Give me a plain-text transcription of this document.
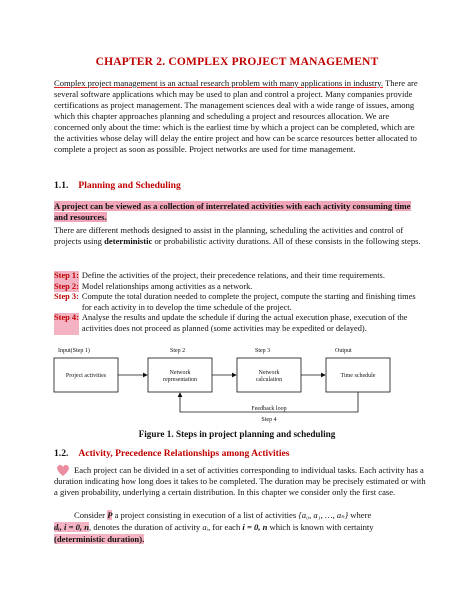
CHAPTER 2. COMPLEX PROJECT MANAGEMENT

Complex project management is an actual research problem with many applications in industry. There are several software applications which may be used to plan and control a project. Many companies provide certifications as project management. The management sciences deal with a wide range of issues, among which this chapter approaches planning and scheduling a project and resources allocation. We are concerned only about the time: which is the earliest time by which a project can be completed, which are the activities whose delay will delay the entire project and how can be scarce resources better allocated to complete a project as soon as possible. Project networks are used for time management.

1.1. Planning and Scheduling

A project can be viewed as a collection of interrelated activities with each activity consuming time and resources.

There are different methods designed to assist in the planning, scheduling the activities and control of projects using deterministic or probabilistic activity durations. All of these consists in the following steps.

Step 1: Define the activities of the project, their precedence relations, and their time requirements.
Step 2: Model relationships among activities as a network.
Step 3: Compute the total duration needed to complete the project, compute the starting and finishing times for each activity in to develop the time schedule of the project.
Step 4: Analyse the results and update the schedule if during the actual execution phase, execution of the activities does not proceed as planned (some activities may be expedited or delayed).
Input(Step 1)	Step 2	Step 3	Output
Project activities	Network representation
Network calculation
Time schedule
Feedback loop
Step 4
Figure 1. Steps in project planning and scheduling
1.2. Activity, Precedence Relationships among Activities

Each project can be divided in a set of activities corresponding to individual tasks. Each activity has a duration indicating how long does it takes to be completed. The duration may be precisely estimated or with a given probability, underlying a certain distribution. In this chapter we consider only the first case.

Consider P a project consisting in execution of a list of activities {a₀, a₁, …, aₙ} where

dᵢ, i = 0, n, denotes the duration of activity aᵢ, for each i = 0, n which is known with certainty

(deterministic duration).
